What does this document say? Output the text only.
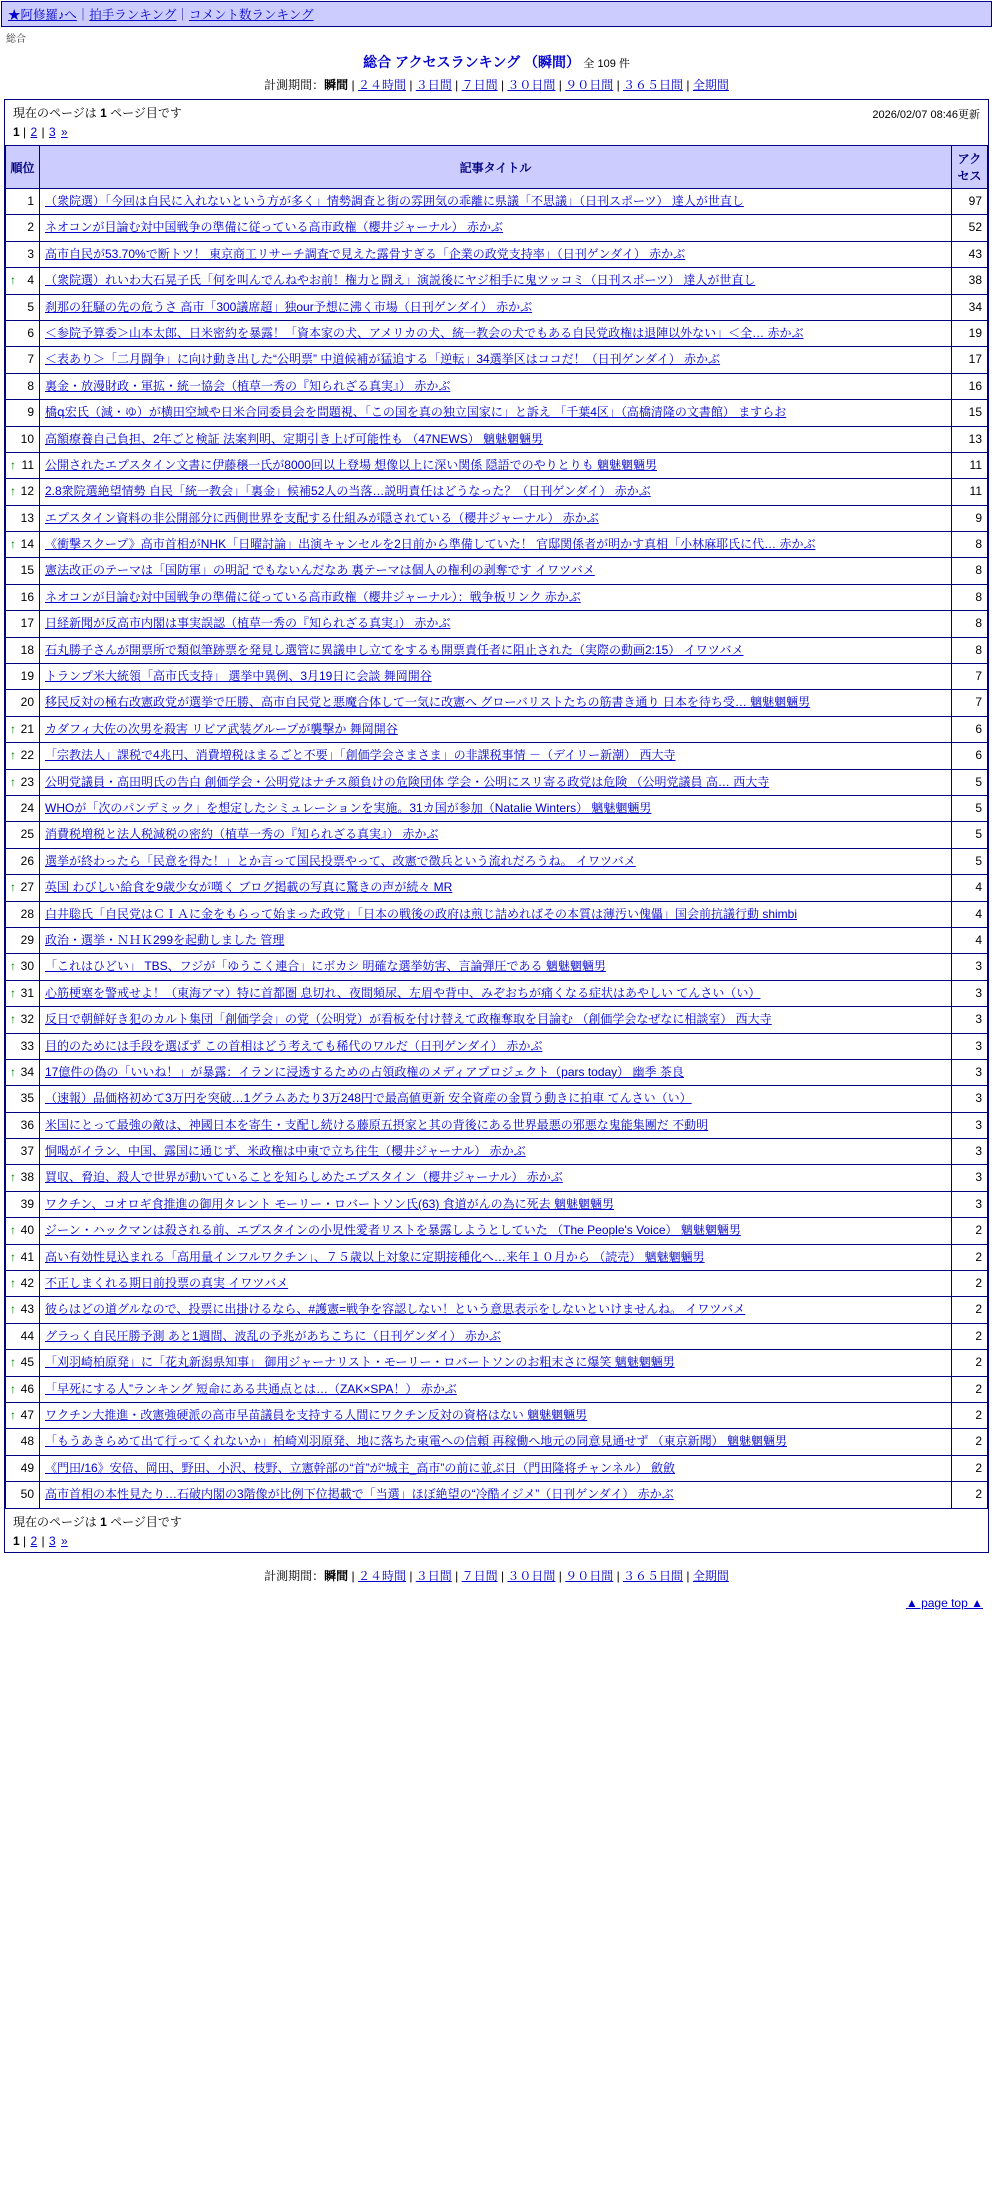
★阿修羅♪へ｜拍手ランキング｜コメント数ランキング
総合
総合 アクセスランキング （瞬間） 全 109 件
計測期間：瞬間 | ２４時間 | ３日間 | ７日間 | ３０日間 | ９０日間 | ３６５日間 | 全期間
現在のページは 1 ページ目です
1 | 2 | 3 »
2026/02/07 08:46更新
順位	記事タイトル	アクセス
1	（衆院選）「今回は自民に入れないという方が多く」情勢調査と街の雰囲気の乖離に県議「不思議」（日刊スポーツ） 達人が世直し	97
2	ネオコンが目論む対中国戦争の準備に従っている高市政権（櫻井ジャーナル） 赤かぶ	52
3	高市自民が53.70%で断トツ！ 東京商工リサーチ調査で見えた露骨すぎる「企業の政党支持率」（日刊ゲンダイ） 赤かぶ	43

↑ 4	（衆院選）れいわ大石晃子氏「何を叫んでんねやお前！権力と闘え」演説後にヤジ相手に鬼ツッコミ（日刊スポーツ） 達人が世直し	38
5	刹那の狂騒の先の危うさ 高市「300議席超」独our予想に沸く市場（日刊ゲンダイ） 赤かぶ	34
6	＜参院予算委＞山本太郎、日米密約を暴露！「資本家の犬、アメリカの犬、統一教会の犬でもある自民党政権は退陣以外ない」＜全… 赤かぶ	19
7	＜表あり＞「二月闘争」に向け動き出した“公明票” 中道候補が猛追する「逆転」34選挙区はココだ！（日刊ゲンダイ） 赤かぶ	17
8	裏金・放漫財政・軍拡・統一協会（植草一秀の『知られざる真実』） 赤かぶ	16
9	橋գ宏氏（減・ゆ）が横田空域や日米合同委員会を問題視、「この国を真の独立国家に」と訴え 「千葉4区」（高橋清隆の文書館） ますらお	15
10	高額療養自己負担、2年ごと検証 法案判明、定期引き上げ可能性も （47NEWS） 魑魅魍魎男	13

↑ 11	公開されたエプスタイン文書に伊藤穣一氏が8000回以上登場 想像以上に深い関係 隠語でのやりとりも 魑魅魍魎男	11

↑ 12	2.8衆院選絶望情勢 自民「統一教会」「裏金」候補52人の当落…説明責任はどうなった？（日刊ゲンダイ） 赤かぶ	11
13	エプスタイン資料の非公開部分に西側世界を支配する仕組みが隠されている（櫻井ジャーナル） 赤かぶ	9

↑ 14	《衝撃スクープ》高市首相がNHK「日曜討論」出演キャンセルを2日前から準備していた！ 官邸関係者が明かす真相「小林麻耶氏に代… 赤かぶ	8
15	憲法改正のテーマは「国防軍」の明記 でもないんだなあ 裏テーマは個人の権利の剥奪です イワツバメ	8
16	ネオコンが目論む対中国戦争の準備に従っている高市政権（櫻井ジャーナル）：戦争板リンク 赤かぶ	8
17	日経新聞が反高市内閣は事実誤認（植草一秀の『知られざる真実』） 赤かぶ	8
18	石丸勝子さんが開票所で類似筆跡票を発見し選管に異議申し立てをするも開票責任者に阻止された（実際の動画2:15） イワツバメ	8
19	トランプ米大統領「高市氏支持」 選挙中異例、3月19日に会談 舞岡開谷	7
20	移民反対の極右改憲政党が選挙で圧勝、高市自民党と悪魔合体して一気に改憲へ グローバリストたちの筋書き通り 日本を待ち受… 魑魅魍魎男	7

↑ 21	カダフィ大佐の次男を殺害 リビア武装グループが襲撃か 舞岡開谷	6

↑ 22	「宗教法人」課税で4兆円、消費増税はまるごと不要」「創価学会さまさま」の非課税事情 －（デイリー新潮） 西大寺	6

↑ 23	公明党議員・高田明氏の告白 創価学会・公明党はナチス顔負けの危険団体 学会・公明にスリ寄る政党は危険 （公明党議員 高… 西大寺	5
24	WHOが「次のパンデミック」を想定したシミュレーションを実施。31カ国が参加（Natalie Winters） 魑魅魍魎男	5
25	消費税増税と法人税減税の密約（植草一秀の『知られざる真実』） 赤かぶ	5
26	選挙が終わったら「民意を得た！」とか言って国民投票やって、改憲で徴兵という流れだろうね。 イワツバメ	5

↑ 27	英国 わびしい給食を9歳少女が嘆く ブログ掲載の写真に驚きの声が続々 MR	4
28	白井聡氏「自民党はＣＩＡに金をもらって始まった政党」「日本の戦後の政府は煎じ詰めればその本質は薄汚い傀儡」国会前抗議行動 shimbi	4
29	政治・選挙・ＮＨＫ299を起動しました 管理	4

↑ 30	「これはひどい」 TBS、フジが「ゆうこく連合」にボカシ 明確な選挙妨害、言論弾圧である 魑魅魍魎男	3

↑ 31	心筋梗塞を警戒せよ！（東海アマ）特に首都圏 息切れ、夜間頻尿、左眉や背中、みぞおちが痛くなる症状はあやしい てんさい（い）	3

↑ 32	反日で朝鮮好き犯のカルト集団「創価学会」の党（公明党）が看板を付け替えて政権奪取を目論む （創価学会なぜなに相談室） 西大寺	3
33	目的のためには手段を選ばず この首相はどう考えても稀代のワルだ（日刊ゲンダイ） 赤かぶ	3

↑ 34	17億件の偽の「いいね！」が暴露：イランに浸透するための占領政権のメディアプロジェクト（pars today） 幽季 茶良	3
35	（速報）品価格初めて3万円を突破…1グラムあたり3万248円で最高値更新 安全資産の金買う動きに拍車 てんさい（い）	3
36	米国にとって最強の敵は、神國日本を寄生・支配し続ける藤原五摂家と其の背後にある世界最悪の邪悪な鬼能集團だ 不動明	3
37	恫喝がイラン、中国、露国に通じず、米政権は中東で立ち往生（櫻井ジャーナル） 赤かぶ	3

↑ 38	買収、脅迫、殺人で世界が動いていることを知らしめたエプスタイン（櫻井ジャーナル） 赤かぶ	3
39	ワクチン、コオロギ食推進の御用タレント モーリー・ロバートソン氏(63) 食道がんの為に死去 魑魅魍魎男	3

↑ 40	ジーン・ハックマンは殺される前、エプスタインの小児性愛者リストを暴露しようとしていた （The People's Voice） 魑魅魍魎男	2

↑ 41	高い有効性見込まれる「高用量インフルワクチン」、７５歳以上対象に定期接種化へ…来年１０月から （読売） 魑魅魍魎男	2

↑ 42	不正しまくれる期日前投票の真実 イワツバメ	2

↑ 43	彼らはどの道グルなので、投票に出掛けるなら、#護憲=戦争を容認しない！という意思表示をしないといけませんね。 イワツバメ	2
44	グラっく自民圧勝予測 あと1週間、波乱の予兆があちこちに（日刊ゲンダイ） 赤かぶ	2

↑ 45	「刈羽崎柏原発」に「花丸新潟県知事」 御用ジャーナリスト・モーリー・ロバートソンのお粗末さに爆笑 魑魅魍魎男	2

↑ 46	「早死にする人”ランキング 短命にある共通点とは…（ZAK×SPA！） 赤かぶ	2

↑ 47	ワクチン大推進・改憲強硬派の高市早苗議員を支持する人間にワクチン反対の資格はない 魑魅魍魎男	2
48	「もうあきらめて出て行ってくれないか」柏崎刈羽原発、地に落ちた東電への信頼 再稼働へ地元の同意見通せず （東京新聞） 魑魅魍魎男	2
49	《門田/16》安倍、岡田、野田、小沢、枝野、立憲幹部の“首”が“城主_高市”の前に並ぶ日（門田隆将チャンネル） 斂斂	2
50	高市首相の本性見たり…石破内閣の3階像が比例下位掲載で「当選」ほぼ絶望の“冷酷イジメ”（日刊ゲンダイ） 赤かぶ	2
現在のページは 1 ページ目です
1 | 2 | 3 »
計測期間：瞬間 | ２４時間 | ３日間 | ７日間 | ３０日間 | ９０日間 | ３６５日間 | 全期間
▲ page top ▲
